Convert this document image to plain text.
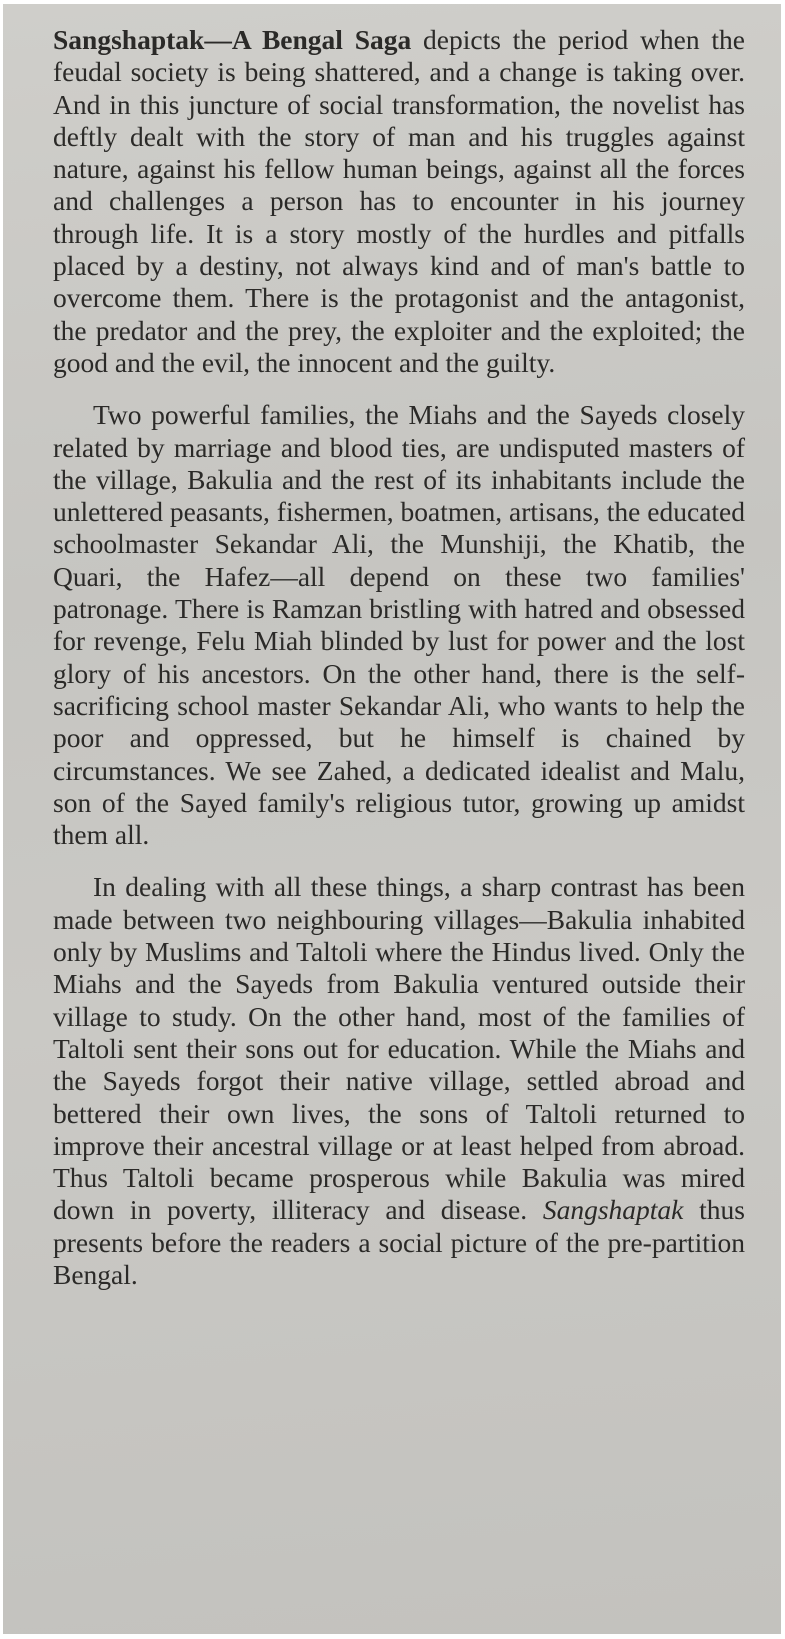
Sangshaptak—A Bengal Saga depicts the period when the feudal society is being shattered, and a change is taking over. And in this juncture of social transformation, the novelist has deftly dealt with the story of man and his truggles against nature, against his fellow human beings, against all the forces and challenges a person has to encounter in his journey through life. It is a story mostly of the hurdles and pitfalls placed by a destiny, not always kind and of man's battle to overcome them. There is the protagonist and the antagonist, the predator and the prey, the exploiter and the exploited; the good and the evil, the innocent and the guilty.

Two powerful families, the Miahs and the Sayeds closely related by marriage and blood ties, are undisputed masters of the village, Bakulia and the rest of its inhabitants include the unlettered peasants, fishermen, boatmen, artisans, the educated schoolmaster Sekandar Ali, the Munshiji, the Khatib, the Quari, the Hafez—all depend on these two families' patronage. There is Ramzan bristling with hatred and obsessed for revenge, Felu Miah blinded by lust for power and the lost glory of his ancestors. On the other hand, there is the self-sacrificing school master Sekandar Ali, who wants to help the poor and oppressed, but he himself is chained by circumstances. We see Zahed, a dedicated idealist and Malu, son of the Sayed family's religious tutor, growing up amidst them all.

In dealing with all these things, a sharp contrast has been made between two neighbouring villages—Bakulia inhabited only by Muslims and Taltoli where the Hindus lived. Only the Miahs and the Sayeds from Bakulia ventured outside their village to study. On the other hand, most of the families of Taltoli sent their sons out for education. While the Miahs and the Sayeds forgot their native village, settled abroad and bettered their own lives, the sons of Taltoli returned to improve their ancestral village or at least helped from abroad. Thus Taltoli became prosperous while Bakulia was mired down in poverty, illiteracy and disease. Sangshaptak thus presents before the readers a social picture of the pre-partition Bengal.
